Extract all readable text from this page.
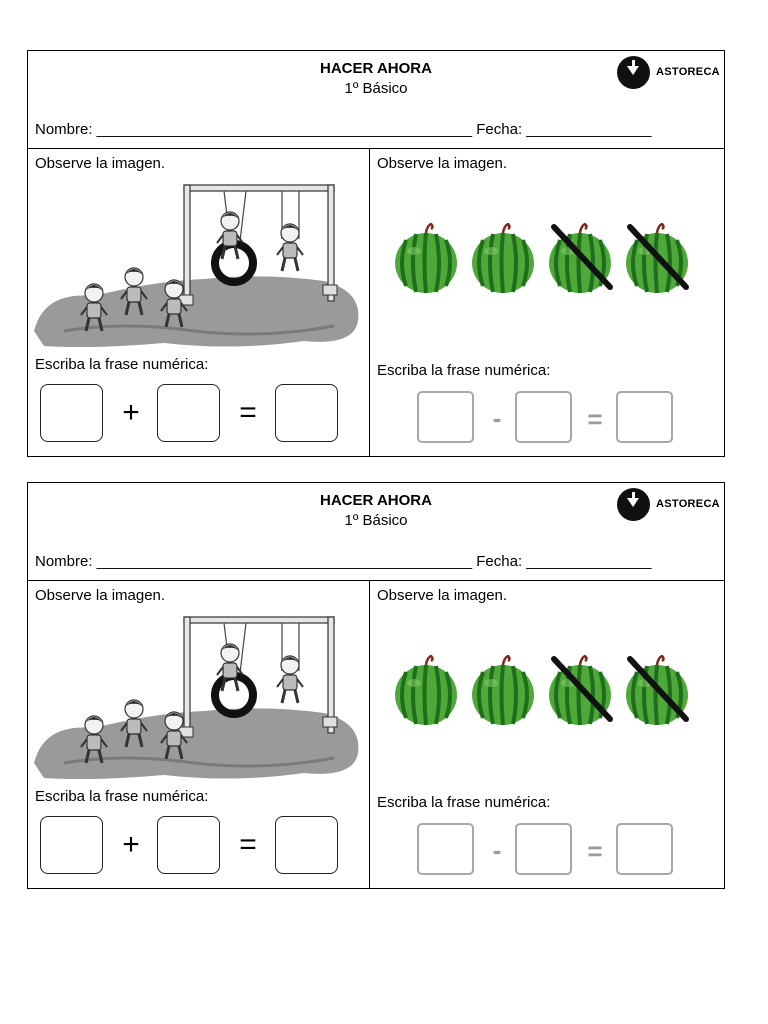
HACER AHORA
1º Básico
Nombre: _____________________________________________ Fecha: _______________
ASTORECA
Observe la imagen.
Escriba la frase numérica:
+	=
Observe la imagen.
Escriba la frase numérica:
-	=
HACER AHORA
1º Básico
Nombre: _____________________________________________ Fecha: _______________
ASTORECA
Observe la imagen.
Escriba la frase numérica:
+	=
Observe la imagen.
Escriba la frase numérica:
-	=
